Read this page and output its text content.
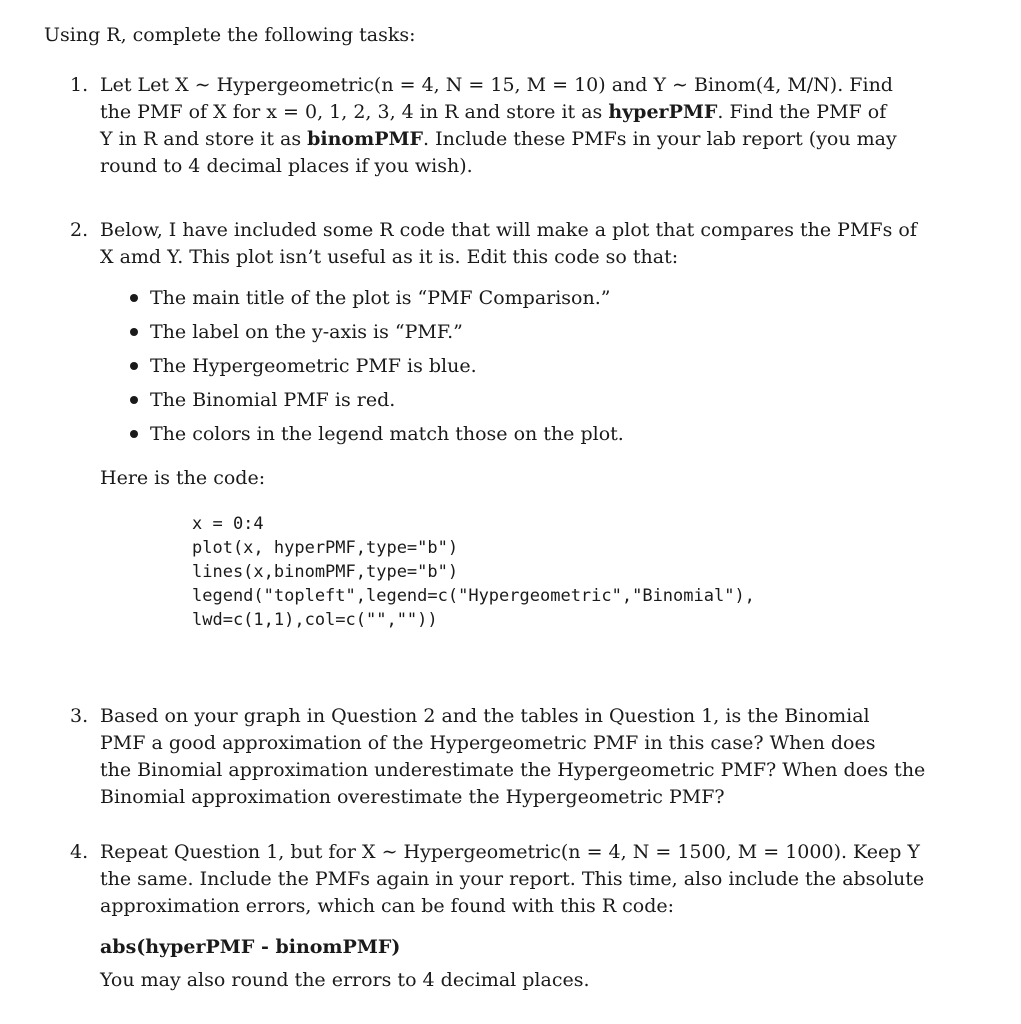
Using R, complete the following tasks:
1. Let Let X ∼ Hypergeometric(n = 4, N = 15, M = 10) and Y ∼ Binom(4, M/N). Find
the PMF of X for x = 0, 1, 2, 3, 4 in R and store it as hyperPMF. Find the PMF of
Y in R and store it as binomPMF. Include these PMFs in your lab report (you may
round to 4 decimal places if you wish).
2. Below, I have included some R code that will make a plot that compares the PMFs of
X amd Y. This plot isn’t useful as it is. Edit this code so that:
The main title of the plot is “PMF Comparison.”
The label on the y-axis is “PMF.”
The Hypergeometric PMF is blue.
The Binomial PMF is red.
The colors in the legend match those on the plot.
Here is the code:
x = 0:4
plot(x, hyperPMF,type="b")
lines(x,binomPMF,type="b")
legend("topleft",legend=c("Hypergeometric","Binomial"),
lwd=c(1,1),col=c("",""))
3. Based on your graph in Question 2 and the tables in Question 1, is the Binomial
PMF a good approximation of the Hypergeometric PMF in this case? When does
the Binomial approximation underestimate the Hypergeometric PMF? When does the
Binomial approximation overestimate the Hypergeometric PMF?
4. Repeat Question 1, but for X ∼ Hypergeometric(n = 4, N = 1500, M = 1000). Keep Y
the same. Include the PMFs again in your report. This time, also include the absolute
approximation errors, which can be found with this R code:
abs(hyperPMF - binomPMF)
You may also round the errors to 4 decimal places.
